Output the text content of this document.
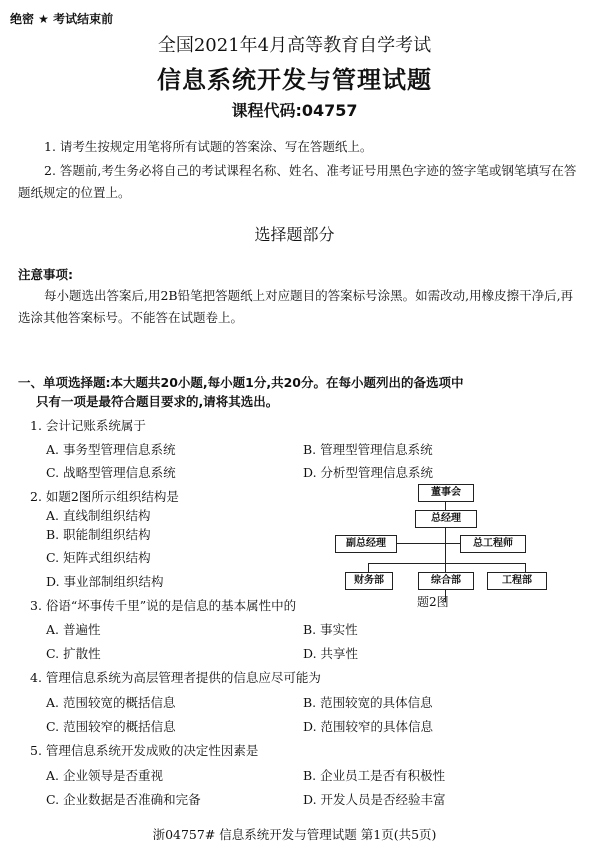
绝密 ★ 考试结束前
全国2021年4月高等教育自学考试
信息系统开发与管理试题
课程代码:04757
1. 请考生按规定用笔将所有试题的答案涂、写在答题纸上。
2. 答题前,考生务必将自己的考试课程名称、姓名、准考证号用黑色字迹的签字笔或钢笔填写在答题纸规定的位置上。
选择题部分
注意事项:
每小题选出答案后,用2B铅笔把答题纸上对应题目的答案标号涂黑。如需改动,用橡皮擦干净后,再选涂其他答案标号。不能答在试题卷上。
一、单项选择题:本大题共20小题,每小题1分,共20分。在每小题列出的备选项中
只有一项是最符合题目要求的,请将其选出。
1. 会计记账系统属于
A. 事务型管理信息系统	B. 管理型管理信息系统
C. 战略型管理信息系统	D. 分析型管理信息系统
2. 如题2图所示组织结构是
A. 直线制组织结构
B. 职能制组织结构
C. 矩阵式组织结构
D. 事业部制组织结构
董事会
总经理
副总经理	总工程师
财务部	综合部	工程部
题2图
3. 俗语“坏事传千里”说的是信息的基本属性中的
A. 普遍性	B. 事实性
C. 扩散性	D. 共享性
4. 管理信息系统为高层管理者提供的信息应尽可能为
A. 范围较宽的概括信息	B. 范围较宽的具体信息
C. 范围较窄的概括信息	D. 范围较窄的具体信息
5. 管理信息系统开发成败的决定性因素是
A. 企业领导是否重视	B. 企业员工是否有积极性
C. 企业数据是否准确和完备	D. 开发人员是否经验丰富
浙04757# 信息系统开发与管理试题 第1页(共5页)
